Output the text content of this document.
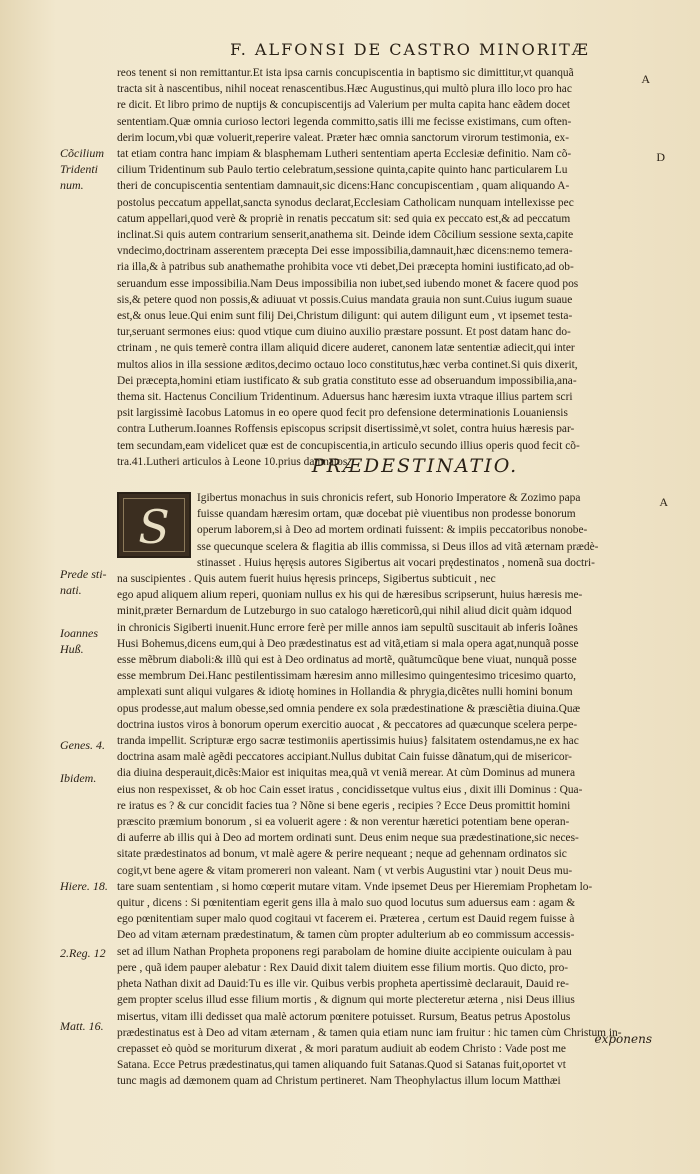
F. ALFONSI DE CASTRO MINORITÆ
A
D
A
Cõcilium
Tridenti
num.
Prede sti-
nati.
Ioannes
Huß.
Genes. 4.
Ibidem.
Hiere. 18.
2.Reg. 12
Matt. 16.
reos tenent si non remittantur.Et ista ipsa carnis concupiscentia in baptismo sic dimittitur,vt quanquã
tracta sit à nascentibus, nihil noceat renascentibus.Hæc Augustinus,qui multò plura illo loco pro hac
re dicit. Et libro primo de nuptijs & concupiscentijs ad Valerium per multa capita hanc eãdem docet
sententiam.Quæ omnia curioso lectori legenda committo,satis illi me fecisse existimans, cum often-
derim locum,vbi quæ voluerit,reperire valeat. Præter hæc omnia sanctorum virorum testimonia, ex-
tat etiam contra hanc impiam & blasphemam Lutheri sententiam aperta Ecclesiæ definitio. Nam cõ-
cilium Tridentinum sub Paulo tertio celebratum,sessione quinta,capite quinto hanc particularem Lu
theri de concupiscentia sententiam damnauit,sic dicens:Hanc concupiscentiam , quam aliquando A-
postolus peccatum appellat,sancta synodus declarat,Ecclesiam Catholicam nunquam intellexisse pec
catum appellari,quod verè & propriè in renatis peccatum sit: sed quia ex peccato est,& ad peccatum
inclinat.Si quis autem contrarium senserit,anathema sit. Deinde idem Cõcilium sessione sexta,capite
vndecimo,doctrinam asserentem præcepta Dei esse impossibilia,damnauit,hæc dicens:nemo temera-
ria illa,& à patribus sub anathemathe prohibita voce vti debet,Dei præcepta homini iustificato,ad ob-
seruandum esse impossibilia.Nam Deus impossibilia non iubet,sed iubendo monet & facere quod pos
sis,& petere quod non possis,& adiuuat vt possis.Cuius mandata grauia non sunt.Cuius iugum suaue
est,& onus leue.Qui enim sunt filij Dei,Christum diligunt: qui autem diligunt eum , vt ipsemet testa-
tur,seruant sermones eius: quod vtique cum diuino auxilio præstare possunt. Et post datam hanc do-
ctrinam , ne quis temerè contra illam aliquid dicere auderet, canonem latæ sententiæ adiecit,qui inter
multos alios in illa sessione æditos,decimo octauo loco constitutus,hæc verba continet.Si quis dixerit,
Dei præcepta,homini etiam iustificato & sub gratia constituto esse ad obseruandum impossibilia,ana-
thema sit. Hactenus Concilium Tridentinum. Aduersus hanc hæresim iuxta vtraque illius partem scri
psit largissimè Iacobus Latomus in eo opere quod fecit pro defensione determinationis Louaniensis
contra Lutherum.Ioannes Roffensis episcopus scripsit disertissimè,vt solet, contra huius hæresis par-
tem secundam,eam videlicet quæ est de concupiscentia,in articulo secundo illius operis quod fecit cõ-
tra.41.Lutheri articulos à Leone 10.prius damnatos.
PRÆDESTINATIO.
S
Igibertus monachus in suis chronicis refert, sub Honorio Imperatore & Zozimo papa
fuisse quandam hæresim ortam, quæ docebat piè viuentibus non prodesse bonorum
operum laborem,si à Deo ad mortem ordinati fuissent: & impiis peccatoribus nonobe-
sse quecunque scelera & flagitia ab illis commissa, si Deus illos ad vitã æternam prædè-
stinasset . Huius hęręsis autores Sigibertus ait vocari prędestinatos , nomenã sua doctri-
na suscipientes . Quis autem fuerit huius hęresis princeps, Sigibertus subticuit , nec
ego apud aliquem alium reperi, quoniam nullus ex his qui de hæresibus scripserunt, huius hæresis me-
minit,præter Bernardum de Lutzeburgo in suo catalogo hæreticorũ,qui nihil aliud dicit quàm idquod
in chronicis Sigiberti inuenit.Hunc errore ferè per mille annos iam sepultũ suscitauit ab inferis Ioãnes
Husi Bohemus,dicens eum,qui à Deo prædestinatus est ad vitã,etiam si mala opera agat,nunquã posse
esse mẽbrum diaboli:& illũ qui est à Deo ordinatus ad mortẽ, quãtumcũque bene viuat, nunquã posse
esse membrum Dei.Hanc pestilentissimam hæresim anno millesimo quingentesimo tricesimo quarto,
amplexati sunt aliqui vulgares & idiotę homines in Hollandia & phrygia,dicẽtes nulli homini bonum
opus prodesse,aut malum obesse,sed omnia pendere ex sola prædestinatione & præsciẽtia diuina.Quæ
doctrina iustos viros à bonorum operum exercitio auocat , & peccatores ad quæcunque scelera perpe-
tranda impellit. Scripturæ ergo sacræ testimoniis apertissimis huius} falsitatem ostendamus,ne ex hac
doctrina asam malè agẽdi peccatores accipiant.Nullus dubitat Cain fuisse dãnatum,qui de misericor-
dia diuina desperauit,dicẽs:Maior est iniquitas mea,quã vt veniã merear. At cùm Dominus ad munera
eius non respexisset, & ob hoc Cain esset iratus , concidissetque vultus eius , dixit illi Dominus : Qua-
re iratus es ? & cur concidit facies tua ? Nõne si bene egeris , recipies ? Ecce Deus promittit homini
præscito præmium bonorum , si ea voluerit agere : & non verentur hæretici potentiam bene operan-
di auferre ab illis qui à Deo ad mortem ordinati sunt. Deus enim neque sua prædestinatione,sic neces-
sitate prædestinatos ad bonum, vt malè agere & perire nequeant ; neque ad gehennam ordinatos sic
cogit,vt bene agere & vitam promereri non valeant. Nam ( vt verbis Augustini vtar ) nouit Deus mu-
tare suam sententiam , si homo cœperit mutare vitam. Vnde ipsemet Deus per Hieremiam Prophetam lo-
quitur , dicens : Si pœnitentiam egerit gens illa à malo suo quod locutus sum aduersus eam : agam &
ego pœnitentiam super malo quod cogitaui vt facerem ei. Præterea , certum est Dauid regem fuisse à
Deo ad vitam æternam prædestinatum, & tamen cùm propter adulterium ab eo commissum accessis-
set ad illum Nathan Propheta proponens regi parabolam de homine diuite accipiente ouiculam à pau
pere , quã idem pauper alebatur : Rex Dauid dixit talem diuitem esse filium mortis. Quo dicto, pro-
pheta Nathan dixit ad Dauid:Tu es ille vir. Quibus verbis propheta apertissimè declarauit, Dauid re-
gem propter scelus illud esse filium mortis , & dignum qui morte plecteretur æterna , nisi Deus illius
misertus, vitam illi dedisset qua malè actorum pœnitere potuisset. Rursum, Beatus petrus Apostolus
prædestinatus est à Deo ad vitam æternam , & tamen quia etiam nunc iam fruitur : hic tamen cùm Christum in-
crepasset eò quòd se moriturum dixerat , & mori paratum audiuit ab eodem Christo : Vade post me
Satana. Ecce Petrus prædestinatus,qui tamen aliquando fuit Satanas.Quod si Satanas fuit,oportet vt
tunc magis ad dæmonem quam ad Christum pertineret. Nam Theophylactus illum locum Matthæi
exponens
